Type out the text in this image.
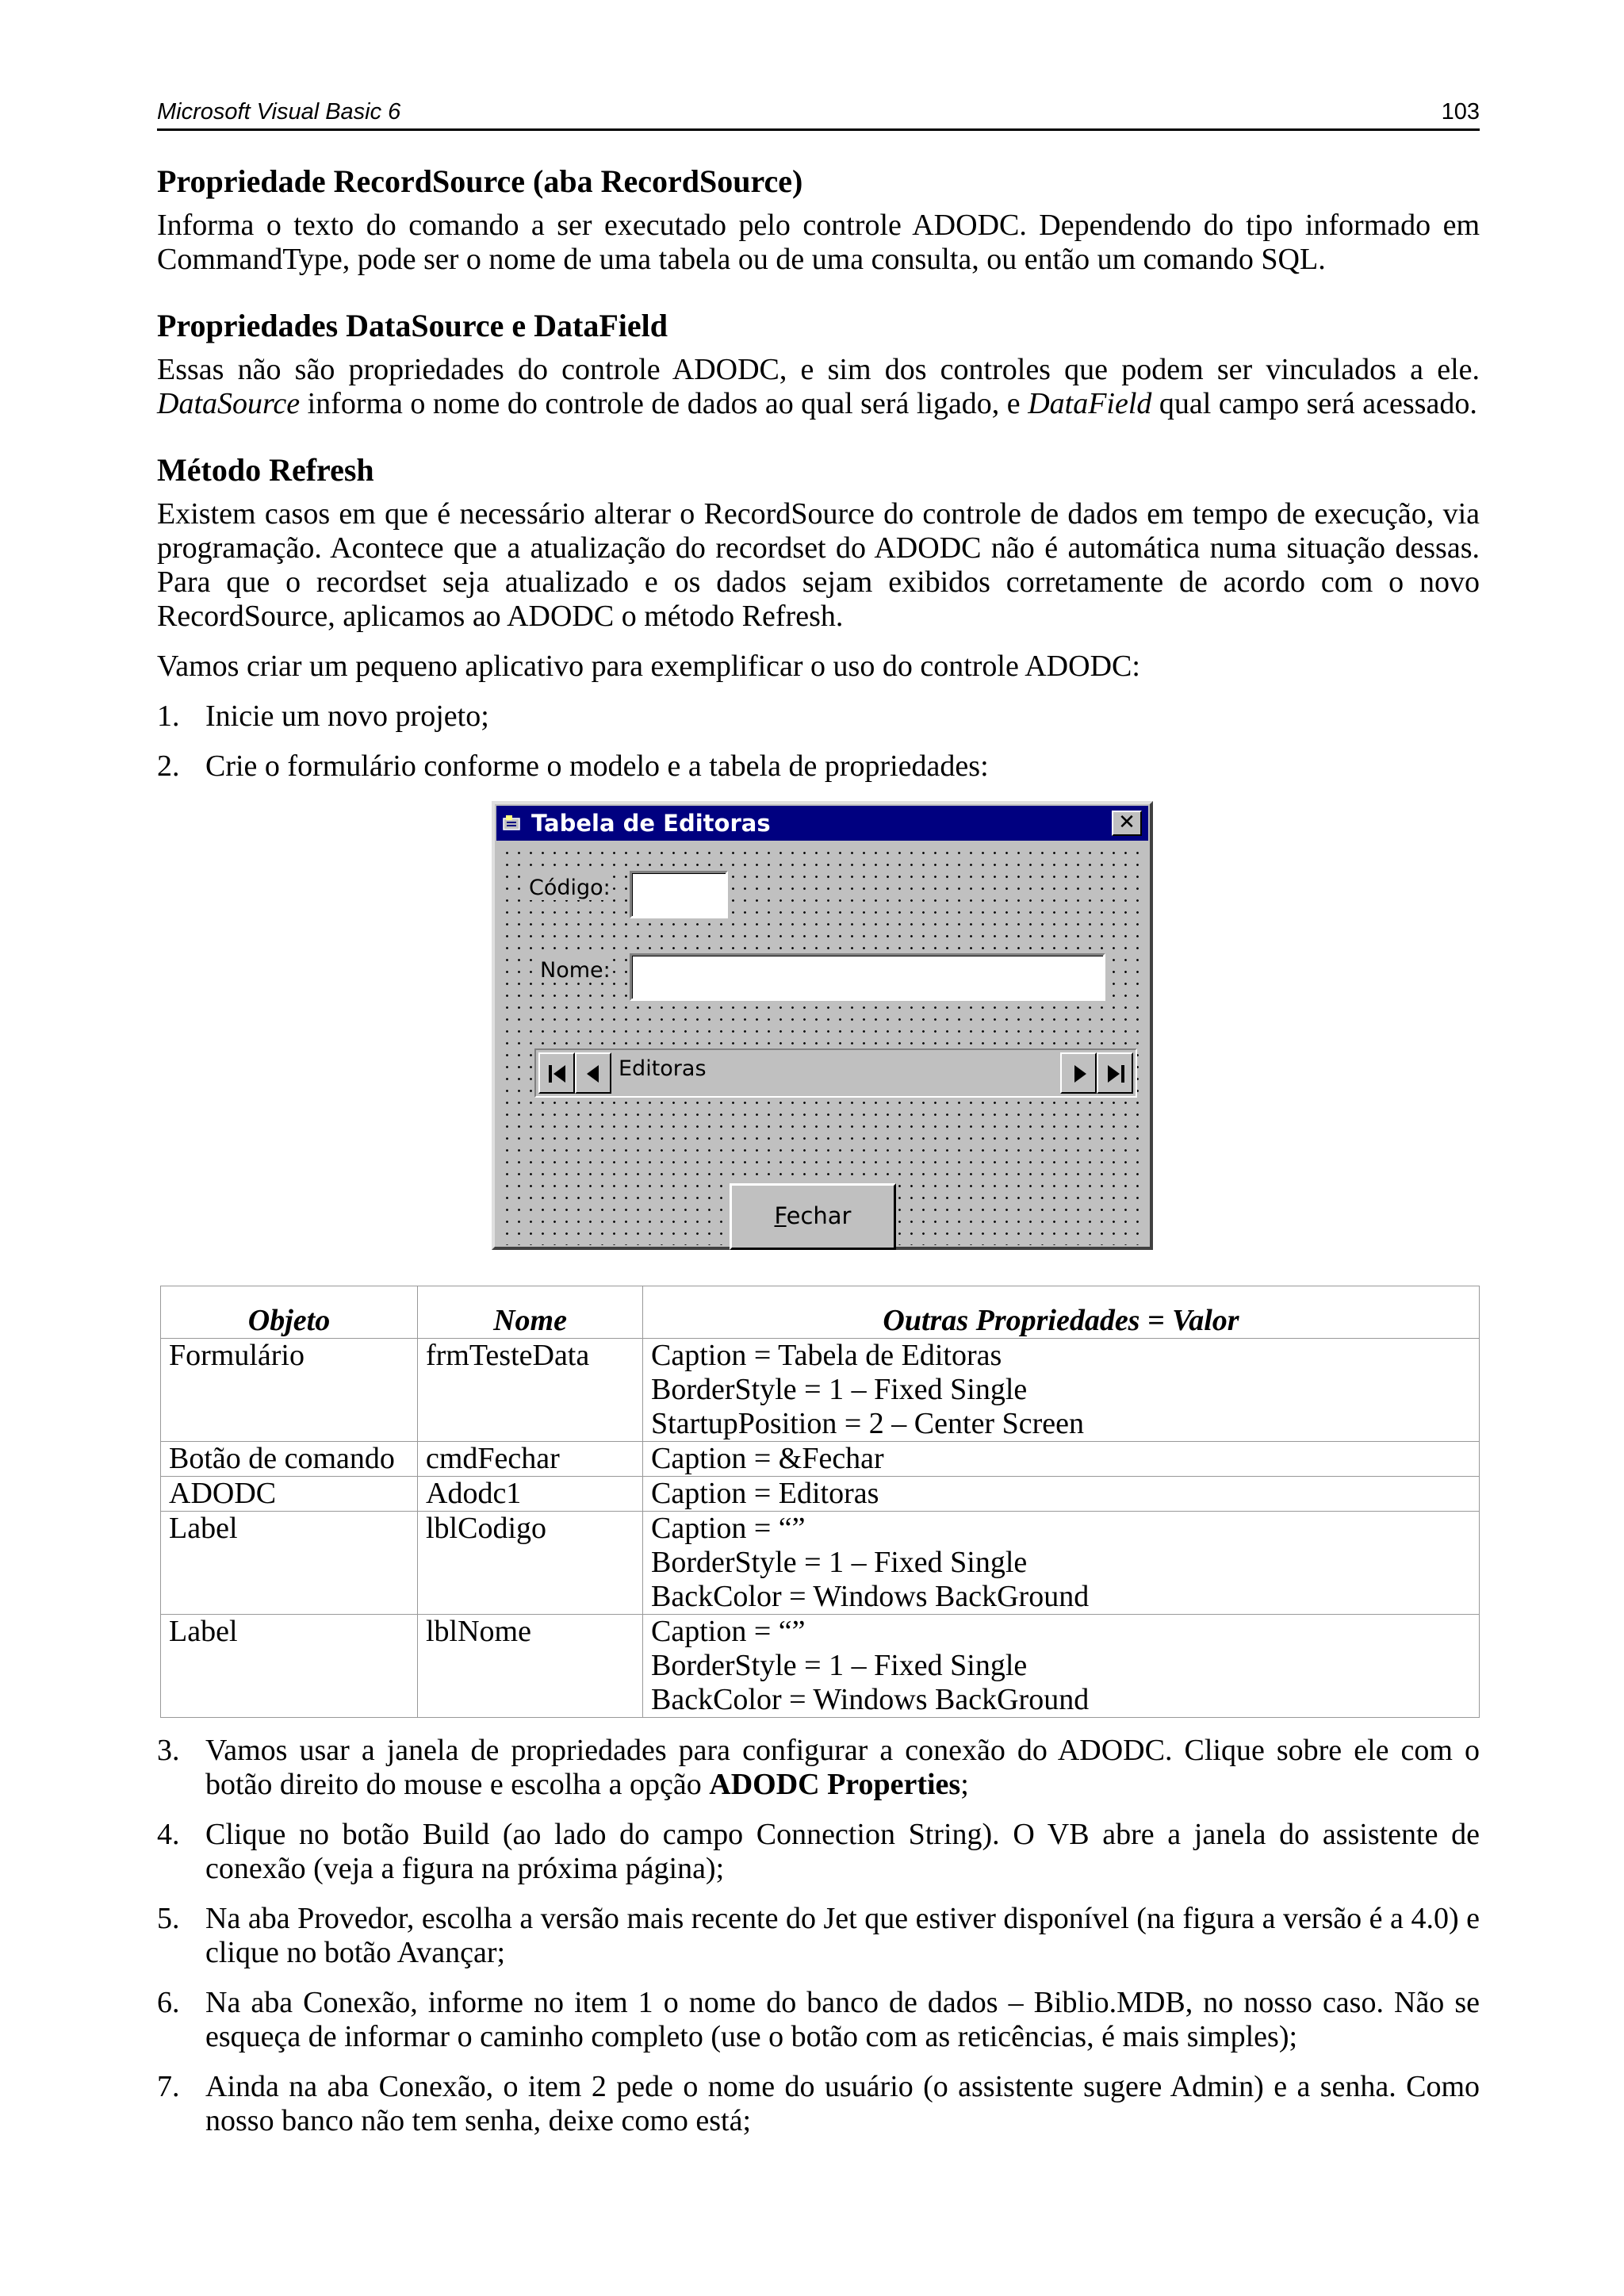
Microsoft Visual Basic 6	103
Propriedade RecordSource (aba RecordSource)

Informa o texto do comando a ser executado pelo controle ADODC. Dependendo do tipo informado em CommandType, pode ser o nome de uma tabela ou de uma consulta, ou então um comando SQL.

Propriedades DataSource e DataField

Essas não são propriedades do controle ADODC, e sim dos controles que podem ser vinculados a ele. DataSource informa o nome do controle de dados ao qual será ligado, e DataField qual campo será acessado.

Método Refresh

Existem casos em que é necessário alterar o RecordSource do controle de dados em tempo de execução, via programação. Acontece que a atualização do recordset do ADODC não é automática numa situação dessas. Para que o recordset seja atualizado e os dados sejam exibidos corretamente de acordo com o novo RecordSource, aplicamos ao ADODC o método Refresh.

Vamos criar um pequeno aplicativo para exemplificar o uso do controle ADODC:

1. Inicie um novo projeto;
2. Crie o formulário conforme o modelo e a tabela de propriedades:
Tabela de Editoras	✕
Código:
Nome:
Editoras
Fechar
Objeto	Nome	Outras Propriedades = Valor
Formulário	frmTesteData	Caption = Tabela de Editoras
BorderStyle = 1 – Fixed Single
StartupPosition = 2 – Center Screen

Botão de comando	cmdFechar	Caption = &Fechar

ADODC	Adodc1	Caption = Editoras

Label	lblCodigo	Caption = “”
BorderStyle = 1 – Fixed Single
BackColor = Windows BackGround

Label	lblNome	Caption = “”
BorderStyle = 1 – Fixed Single
BackColor = Windows BackGround
3. Vamos usar a janela de propriedades para configurar a conexão do ADODC. Clique sobre ele com o botão direito do mouse e escolha a opção ADODC Properties;
4. Clique no botão Build (ao lado do campo Connection String). O VB abre a janela do assistente de conexão (veja a figura na próxima página);
5. Na aba Provedor, escolha a versão mais recente do Jet que estiver disponível (na figura a versão é a 4.0) e clique no botão Avançar;
6. Na aba Conexão, informe no item 1 o nome do banco de dados – Biblio.MDB, no nosso caso. Não se esqueça de informar o caminho completo (use o botão com as reticências, é mais simples);
7. Ainda na aba Conexão, o item 2 pede o nome do usuário (o assistente sugere Admin) e a senha. Como nosso banco não tem senha, deixe como está;
